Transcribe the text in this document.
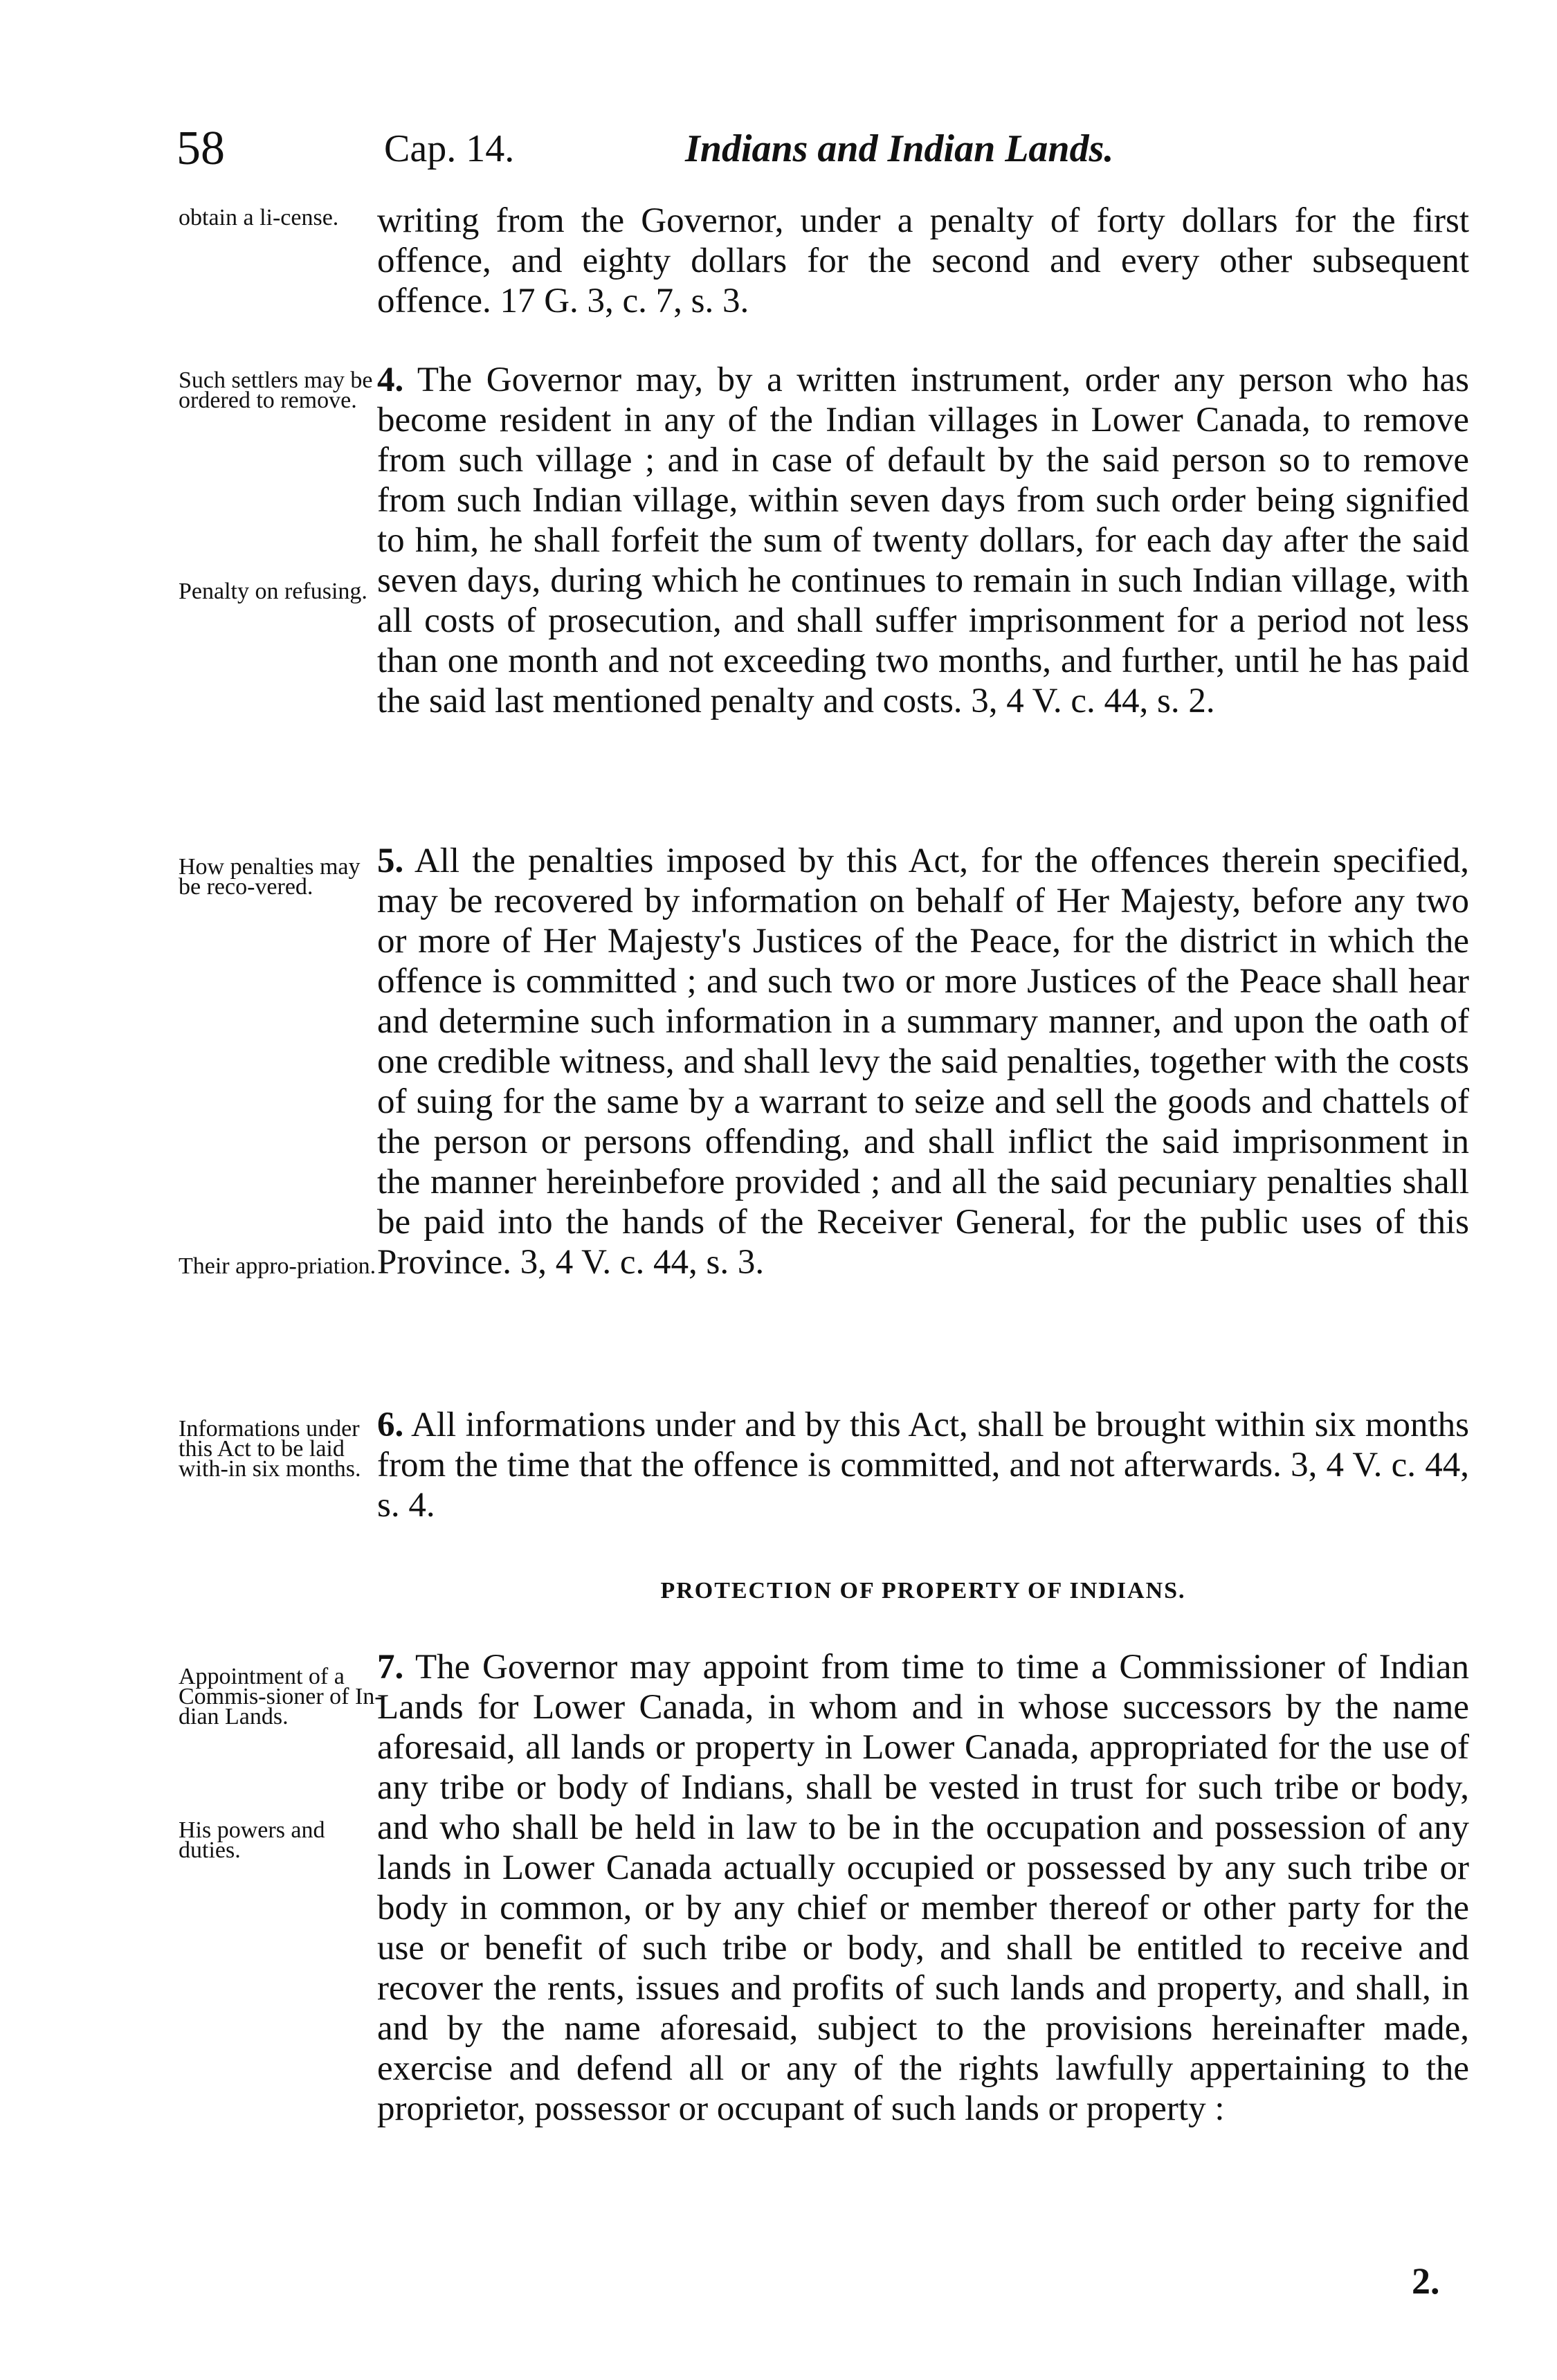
58	Cap. 14.	Indians and Indian Lands.
obtain a li-cense.	writing from the Governor, under a penalty of forty dollars for the first offence, and eighty dollars for the second and every other subsequent offence. 17 G. 3, c. 7, s. 3.
Such settlers may be ordered to remove.
Penalty on refusing.
4. The Governor may, by a written instrument, order any person who has become resident in any of the Indian villages in Lower Canada, to remove from such village ; and in case of default by the said person so to remove from such Indian village, within seven days from such order being signified to him, he shall forfeit the sum of twenty dollars, for each day after the said seven days, during which he continues to remain in such Indian village, with all costs of prosecution, and shall suffer imprisonment for a period not less than one month and not exceeding two months, and further, until he has paid the said last mentioned penalty and costs. 3, 4 V. c. 44, s. 2.
How penalties may be reco-vered.
Their appro-priation.
5. All the penalties imposed by this Act, for the offences therein specified, may be recovered by information on behalf of Her Majesty, before any two or more of Her Majesty's Justices of the Peace, for the district in which the offence is committed ; and such two or more Justices of the Peace shall hear and determine such information in a summary manner, and upon the oath of one credible witness, and shall levy the said penalties, together with the costs of suing for the same by a warrant to seize and sell the goods and chattels of the person or persons offending, and shall inflict the said imprisonment in the manner hereinbefore provided ; and all the said pecuniary penalties shall be paid into the hands of the Receiver General, for the public uses of this Province. 3, 4 V. c. 44, s. 3.
Informations under this Act to be laid with-in six months.
6. All informations under and by this Act, shall be brought within six months from the time that the offence is committed, and not afterwards. 3, 4 V. c. 44, s. 4.
PROTECTION OF PROPERTY OF INDIANS.
Appointment of a Commis-sioner of In-dian Lands.
His powers and duties.
7. The Governor may appoint from time to time a Commissioner of Indian Lands for Lower Canada, in whom and in whose successors by the name aforesaid, all lands or property in Lower Canada, appropriated for the use of any tribe or body of Indians, shall be vested in trust for such tribe or body, and who shall be held in law to be in the occupation and possession of any lands in Lower Canada actually occupied or possessed by any such tribe or body in common, or by any chief or member thereof or other party for the use or benefit of such tribe or body, and shall be entitled to receive and recover the rents, issues and profits of such lands and property, and shall, in and by the name aforesaid, subject to the provisions hereinafter made, exercise and defend all or any of the rights lawfully appertaining to the proprietor, possessor or occupant of such lands or property :
2.
